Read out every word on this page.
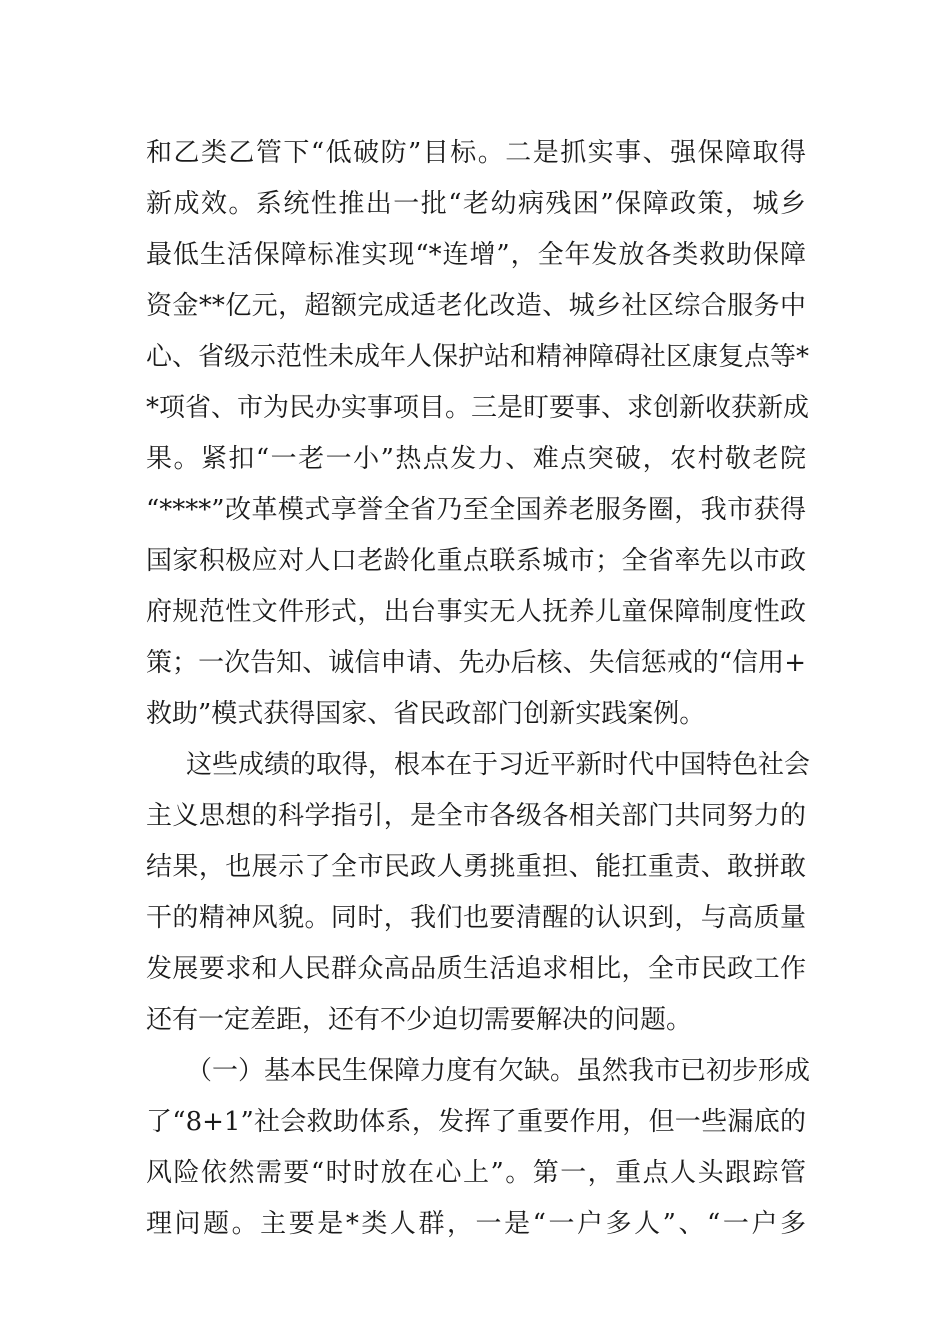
和乙类乙管下“低破防”目标。二是抓实事、强保障取得
新成效。系统性推出一批“老幼病残困”保障政策，城乡
最低生活保障标准实现“*连增”，全年发放各类救助保障
资金**亿元，超额完成适老化改造、城乡社区综合服务中
心、省级示范性未成年人保护站和精神障碍社区康复点等*
*项省、市为民办实事项目。三是盯要事、求创新收获新成
果。紧扣“一老一小”热点发力、难点突破，农村敬老院
“****”改革模式享誉全省乃至全国养老服务圈，我市获得
国家积极应对人口老龄化重点联系城市；全省率先以市政
府规范性文件形式，出台事实无人抚养儿童保障制度性政
策；一次告知、诚信申请、先办后核、失信惩戒的“信用+
救助”模式获得国家、省民政部门创新实践案例。
这些成绩的取得，根本在于习近平新时代中国特色社会
主义思想的科学指引，是全市各级各相关部门共同努力的
结果，也展示了全市民政人勇挑重担、能扛重责、敢拼敢
干的精神风貌。同时，我们也要清醒的认识到，与高质量
发展要求和人民群众高品质生活追求相比，全市民政工作
还有一定差距，还有不少迫切需要解决的问题。
（一）基本民生保障力度有欠缺。虽然我市已初步形成
了“8+1”社会救助体系，发挥了重要作用，但一些漏底的
风险依然需要“时时放在心上”。第一，重点人头跟踪管
理问题。主要是*类人群，一是“一户多人”、“一户多
